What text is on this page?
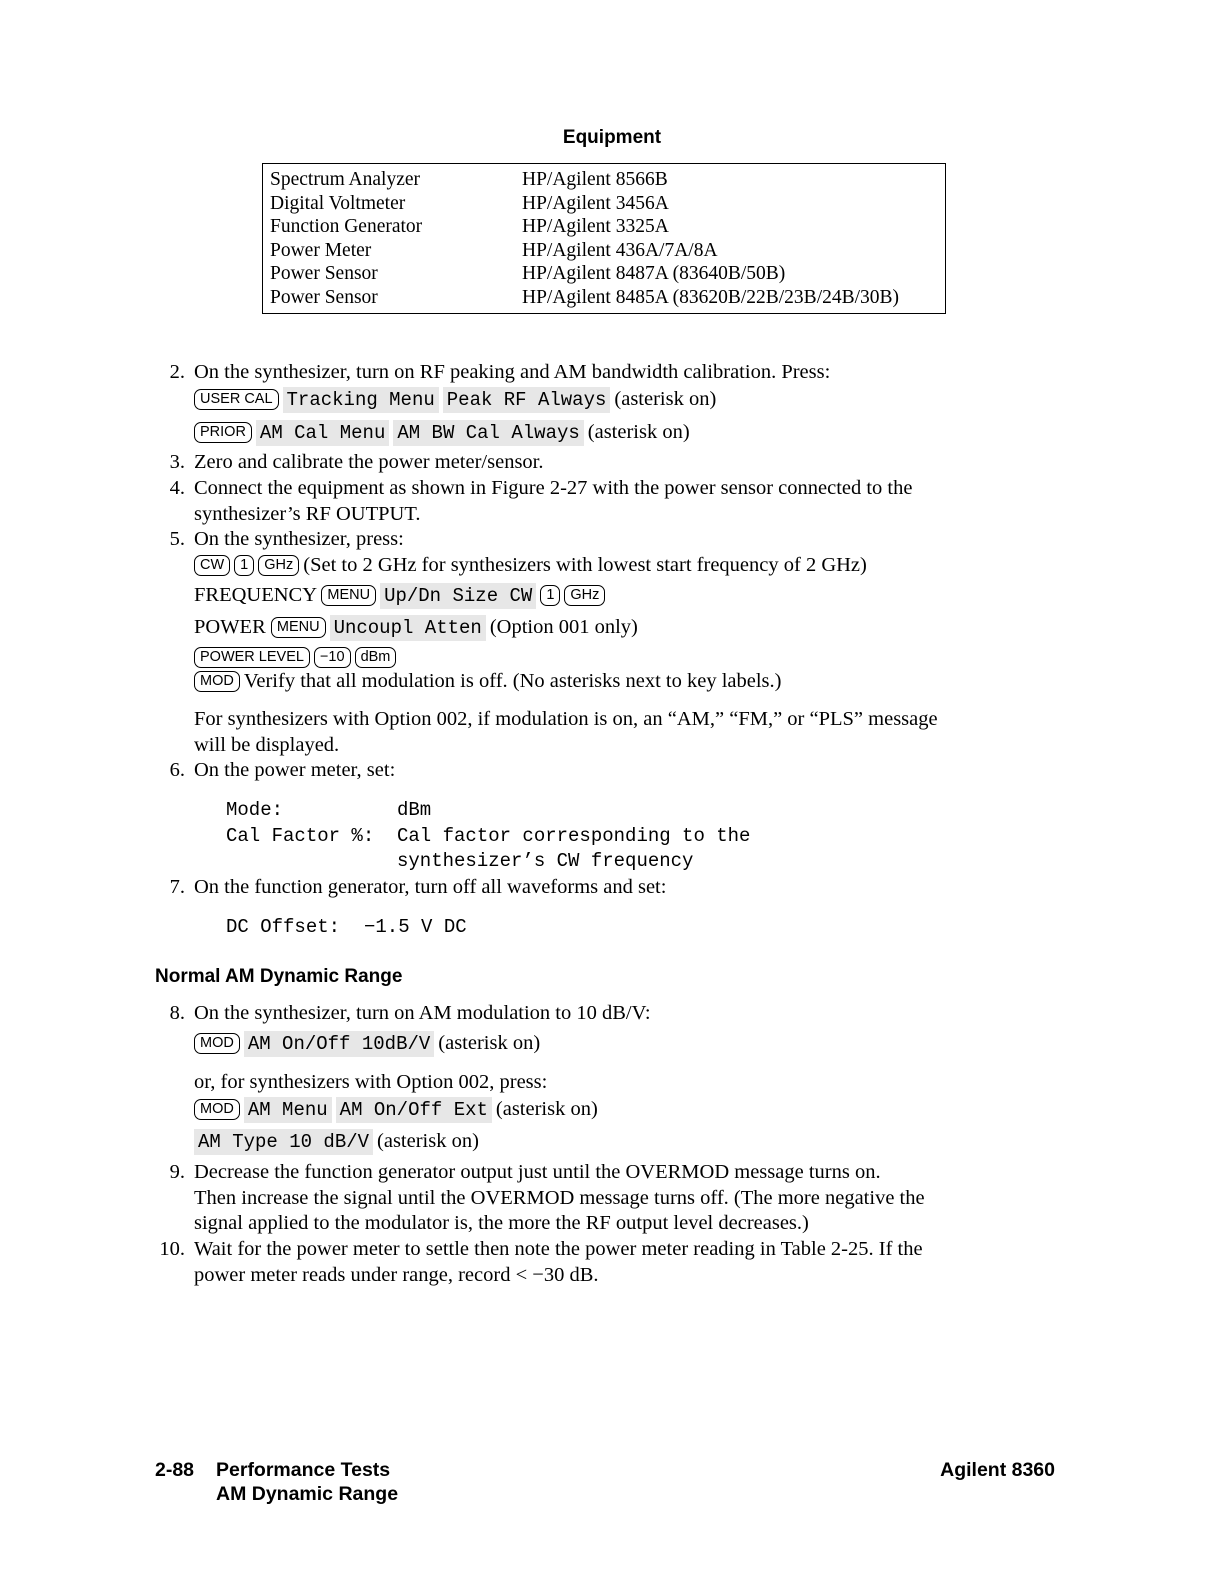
Equipment
Spectrum Analyzer	HP/Agilent 8566B
Digital Voltmeter	HP/Agilent 3456A
Function Generator	HP/Agilent 3325A
Power Meter	HP/Agilent 436A/7A/8A
Power Sensor	HP/Agilent 8487A (83640B/50B)
Power Sensor	HP/Agilent 8485A (83620B/22B/23B/24B/30B)
2. On the synthesizer, turn on RF peaking and AM bandwidth calibration. Press:
USER CAL Tracking Menu Peak RF Always (asterisk on)
PRIOR AM Cal Menu AM BW Cal Always (asterisk on)
3. Zero and calibrate the power meter/sensor.
4. Connect the equipment as shown in Figure 2-27 with the power sensor connected to the
synthesizer’s RF OUTPUT.
5. On the synthesizer, press:
CW 1 GHz (Set to 2 GHz for synthesizers with lowest start frequency of 2 GHz)
FREQUENCY MENU Up/Dn Size CW 1 GHz
POWER MENU Uncoupl Atten (Option 001 only)
POWER LEVEL −10 dBm
MOD Verify that all modulation is off. (No asterisks next to key labels.)
For synthesizers with Option 002, if modulation is on, an “AM,” “FM,” or “PLS” message
will be displayed.
6. On the power meter, set:
Mode:	dBm
Cal Factor %: Cal factor corresponding to the
synthesizer’s CW frequency
7. On the function generator, turn off all waveforms and set:
DC Offset: −1.5 V DC
Normal AM Dynamic Range
8. On the synthesizer, turn on AM modulation to 10 dB/V:
MOD AM On/Off 10dB/V (asterisk on)
or, for synthesizers with Option 002, press:
MOD AM Menu AM On/Off Ext (asterisk on)
AM Type 10 dB/V (asterisk on)
9. Decrease the function generator output just until the OVERMOD message turns on.
Then increase the signal until the OVERMOD message turns off. (The more negative the
signal applied to the modulator is, the more the RF output level decreases.)
10. Wait for the power meter to settle then note the power meter reading in Table 2-25. If the
power meter reads under range, record < −30 dB.
2-88 Performance Tests
AM Dynamic Range
Agilent 8360
